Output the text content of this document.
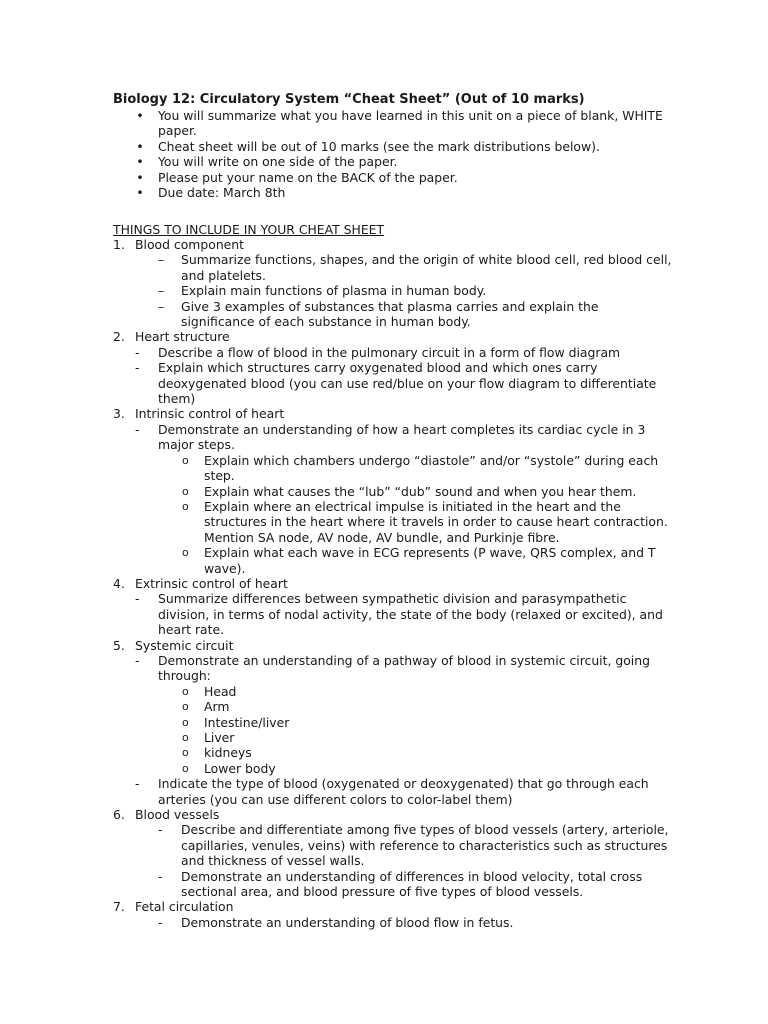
Biology 12: Circulatory System “Cheat Sheet” (Out of 10 marks)
• You will summarize what you have learned in this unit on a piece of blank, WHITE paper.
• Cheat sheet will be out of 10 marks (see the mark distributions below).
• You will write on one side of the paper.
• Please put your name on the BACK of the paper.
• Due date: March 8th
THINGS TO INCLUDE IN YOUR CHEAT SHEET
1. Blood component
– Summarize functions, shapes, and the origin of white blood cell, red blood cell, and platelets.
– Explain main functions of plasma in human body.
– Give 3 examples of substances that plasma carries and explain the significance of each substance in human body.
2. Heart structure
- Describe a flow of blood in the pulmonary circuit in a form of flow diagram
- Explain which structures carry oxygenated blood and which ones carry deoxygenated blood (you can use red/blue on your flow diagram to differentiate them)
3. Intrinsic control of heart
- Demonstrate an understanding of how a heart completes its cardiac cycle in 3 major steps.
o Explain which chambers undergo “diastole” and/or “systole” during each step.
o Explain what causes the “lub” “dub” sound and when you hear them.
o Explain where an electrical impulse is initiated in the heart and the structures in the heart where it travels in order to cause heart contraction. Mention SA node, AV node, AV bundle, and Purkinje fibre.
o Explain what each wave in ECG represents (P wave, QRS complex, and T wave).
4. Extrinsic control of heart
- Summarize differences between sympathetic division and parasympathetic division, in terms of nodal activity, the state of the body (relaxed or excited), and heart rate.
5. Systemic circuit
- Demonstrate an understanding of a pathway of blood in systemic circuit, going through:
o Head
o Arm
o Intestine/liver
o Liver
o kidneys
o Lower body
- Indicate the type of blood (oxygenated or deoxygenated) that go through each arteries (you can use different colors to color-label them)
6. Blood vessels
- Describe and differentiate among five types of blood vessels (artery, arteriole, capillaries, venules, veins) with reference to characteristics such as structures and thickness of vessel walls.
- Demonstrate an understanding of differences in blood velocity, total cross sectional area, and blood pressure of five types of blood vessels.
7. Fetal circulation
- Demonstrate an understanding of blood flow in fetus.
